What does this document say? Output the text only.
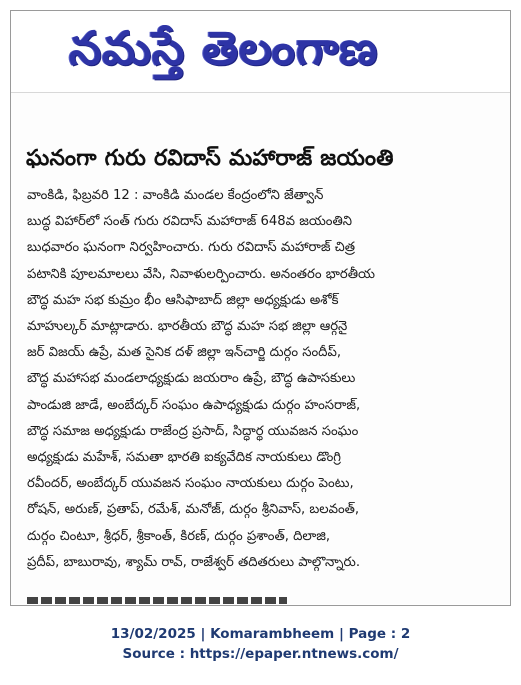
నమస్తే తెలంగాణ
ఘనంగా గురు రవిదాస్ మహారాజ్ జయంతి
వాంకిడి, ఫిబ్రవరి 12 : వాంకిడి మండల కేంద్రంలోని జేత్వాన్
బుద్ధ విహార్‌లో సంత్ గురు రవిదాస్ మహారాజ్ 648వ జయంతిని
బుధవారం ఘనంగా నిర్వహించారు. గురు రవిదాస్ మహారాజ్ చిత్ర
పటానికి పూలమాలలు వేసి, నివాళులర్పించారు. అనంతరం భారతీయ
బౌద్ధ మహ సభ కుమ్రం భీం ఆసిఫాబాద్ జిల్లా అధ్యక్షుడు అశోక్
మాహుల్కర్ మాట్లాడారు. భారతీయ బౌద్ధ మహ సభ జిల్లా ఆర్గనై
జర్ విజయ్ ఉప్రే, మత సైనిక దళ్ జిల్లా ఇన్‌చార్జి దుర్గం సందీప్,
బౌద్ధ మహాసభ మండలాధ్యక్షుడు జయరాం ఉప్రే, బౌద్ధ ఉపాసకులు
పాండుజి జాడే, అంబేద్కర్ సంఘం ఉపాధ్యక్షుడు దుర్గం హంసరాజ్,
బౌద్ధ సమాజ అధ్యక్షుడు రాజేంద్ర ప్రసాద్, సిద్ధార్థ యువజన సంఘం
అధ్యక్షుడు మహేశ్, సమతా భారతి ఐక్యవేదిక నాయకులు డొంగ్రి
రవీందర్, అంబేద్కర్ యువజన సంఘం నాయకులు దుర్గం పెంటు,
రోషన్, అరుణ్, ప్రతాప్, రమేశ్, మనోజ్, దుర్గం శ్రీనివాస్, బలవంత్,
దుర్గం చింటూ, శ్రీధర్, శ్రీకాంత్, కిరణ్, దుర్గం ప్రశాంత్, దిలాజి,
ప్రదీప్, బాబురావు, శ్యామ్ రావ్, రాజేశ్వర్ తదితరులు పాల్గొన్నారు.
13/02/2025 | Komarambheem | Page : 2
Source : https://epaper.ntnews.com/
